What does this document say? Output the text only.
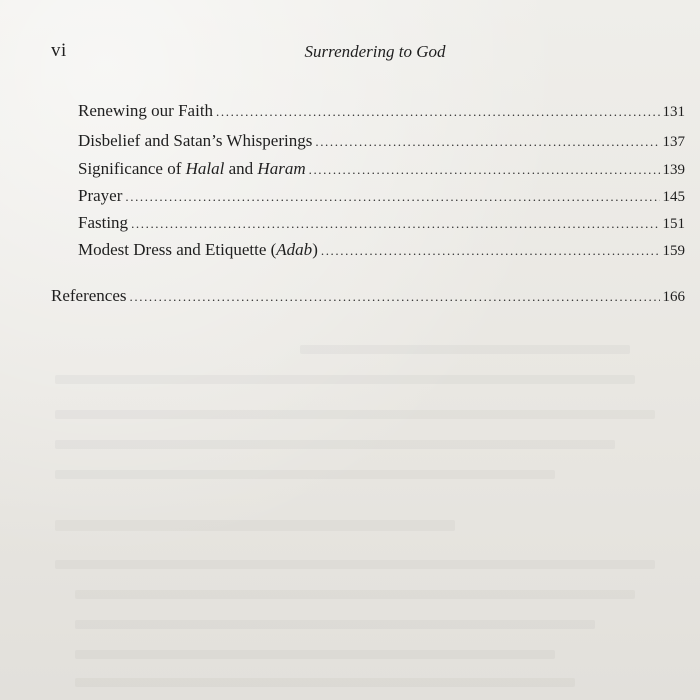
vi	Surrendering to God
Renewing our Faith .....	131
Disbelief and Satan’s Whisperings .....	137
Significance of Halal and Haram .....	139
Prayer .....	145
Fasting .....	151
Modest Dress and Etiquette (Adab) .....	159
References .....	166
